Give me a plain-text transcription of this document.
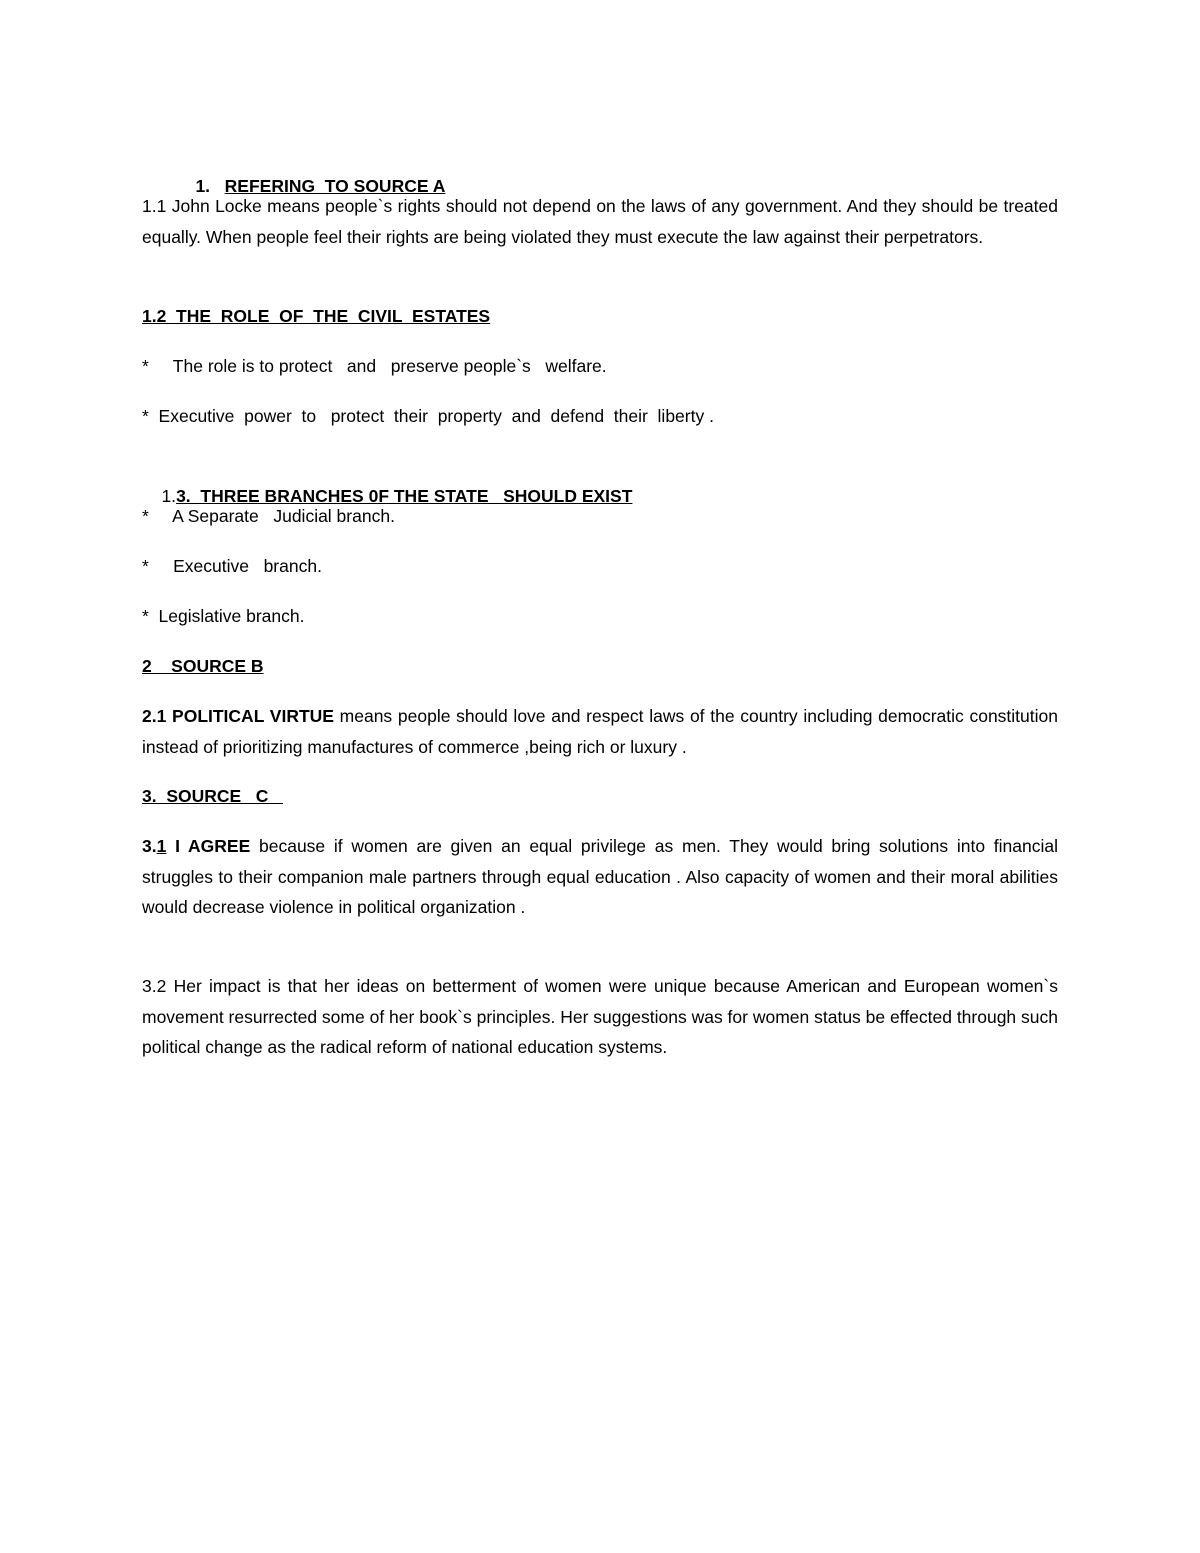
1. REFERING  TO SOURCE A

1.1 John Locke means people`s rights should not depend on the laws of any government. And they should be treated equally. When people feel their rights are being violated they must execute the law against their perpetrators.
1.2  THE  ROLE  OF  THE  CIVIL  ESTATES
*     The role is to protect   and   preserve people`s   welfare.
*  Executive  power  to   protect  their  property  and  defend  their  liberty .

1.3.  THREE BRANCHES 0F THE STATE   SHOULD EXIST

*     A Separate   Judicial branch.
*     Executive   branch.
*  Legislative branch.
2    SOURCE B
2.1 POLITICAL VIRTUE means people should love and respect laws of the country including democratic constitution instead of prioritizing manufactures of commerce ,being rich or luxury .
3.  SOURCE   C
3.1 I AGREE because if women are given an equal privilege as men. They would bring solutions into financial struggles to their companion male partners through equal education . Also capacity of women and their moral abilities would decrease violence in political organization .
3.2 Her impact is that her ideas on betterment of women were unique because American and European women`s movement resurrected some of her book`s principles. Her suggestions was for women status be effected through such political change as the radical reform of national education systems.
